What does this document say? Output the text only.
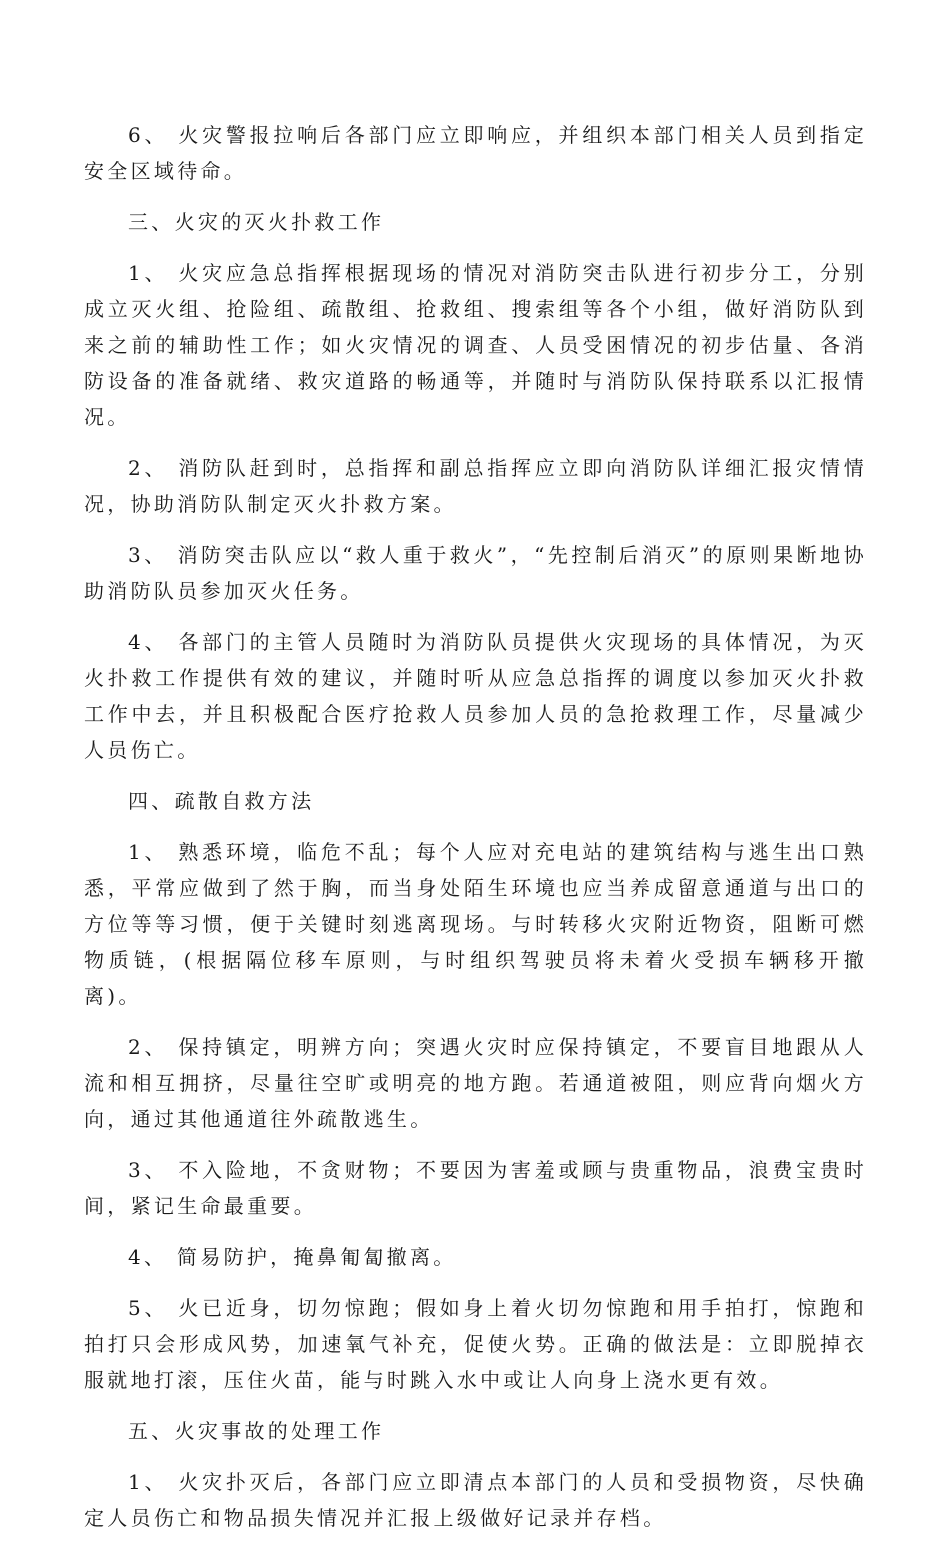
6、 火灾警报拉响后各部门应立即响应，并组织本部门相关人员到指定安全区域待命。

三、火灾的灭火扑救工作

1、 火灾应急总指挥根据现场的情况对消防突击队进行初步分工，分别成立灭火组、抢险组、疏散组、抢救组、搜索组等各个小组，做好消防队到来之前的辅助性工作；如火灾情况的调查、人员受困情况的初步估量、各消防设备的准备就绪、救灾道路的畅通等，并随时与消防队保持联系以汇报情况。

2、 消防队赶到时，总指挥和副总指挥应立即向消防队详细汇报灾情情况，协助消防队制定灭火扑救方案。

3、 消防突击队应以“救人重于救火”，“先控制后消灭”的原则果断地协助消防队员参加灭火任务。

4、 各部门的主管人员随时为消防队员提供火灾现场的具体情况，为灭火扑救工作提供有效的建议，并随时听从应急总指挥的调度以参加灭火扑救工作中去，并且积极配合医疗抢救人员参加人员的急抢救理工作，尽量减少人员伤亡。

四、疏散自救方法

1、 熟悉环境，临危不乱；每个人应对充电站的建筑结构与逃生出口熟悉，平常应做到了然于胸，而当身处陌生环境也应当养成留意通道与出口的方位等等习惯，便于关键时刻逃离现场。与时转移火灾附近物资，阻断可燃物质链，(根据隔位移车原则，与时组织驾驶员将未着火受损车辆移开撤离)。

2、 保持镇定，明辨方向；突遇火灾时应保持镇定，不要盲目地跟从人流和相互拥挤，尽量往空旷或明亮的地方跑。若通道被阻，则应背向烟火方向，通过其他通道往外疏散逃生。

3、 不入险地，不贪财物；不要因为害羞或顾与贵重物品，浪费宝贵时间，紧记生命最重要。

4、 简易防护，掩鼻匍匐撤离。

5、 火已近身，切勿惊跑；假如身上着火切勿惊跑和用手拍打，惊跑和拍打只会形成风势，加速氧气补充，促使火势。正确的做法是：立即脱掉衣服就地打滚，压住火苗，能与时跳入水中或让人向身上浇水更有效。

五、火灾事故的处理工作

1、 火灾扑灭后，各部门应立即清点本部门的人员和受损物资，尽快确定人员伤亡和物品损失情况并汇报上级做好记录并存档。
